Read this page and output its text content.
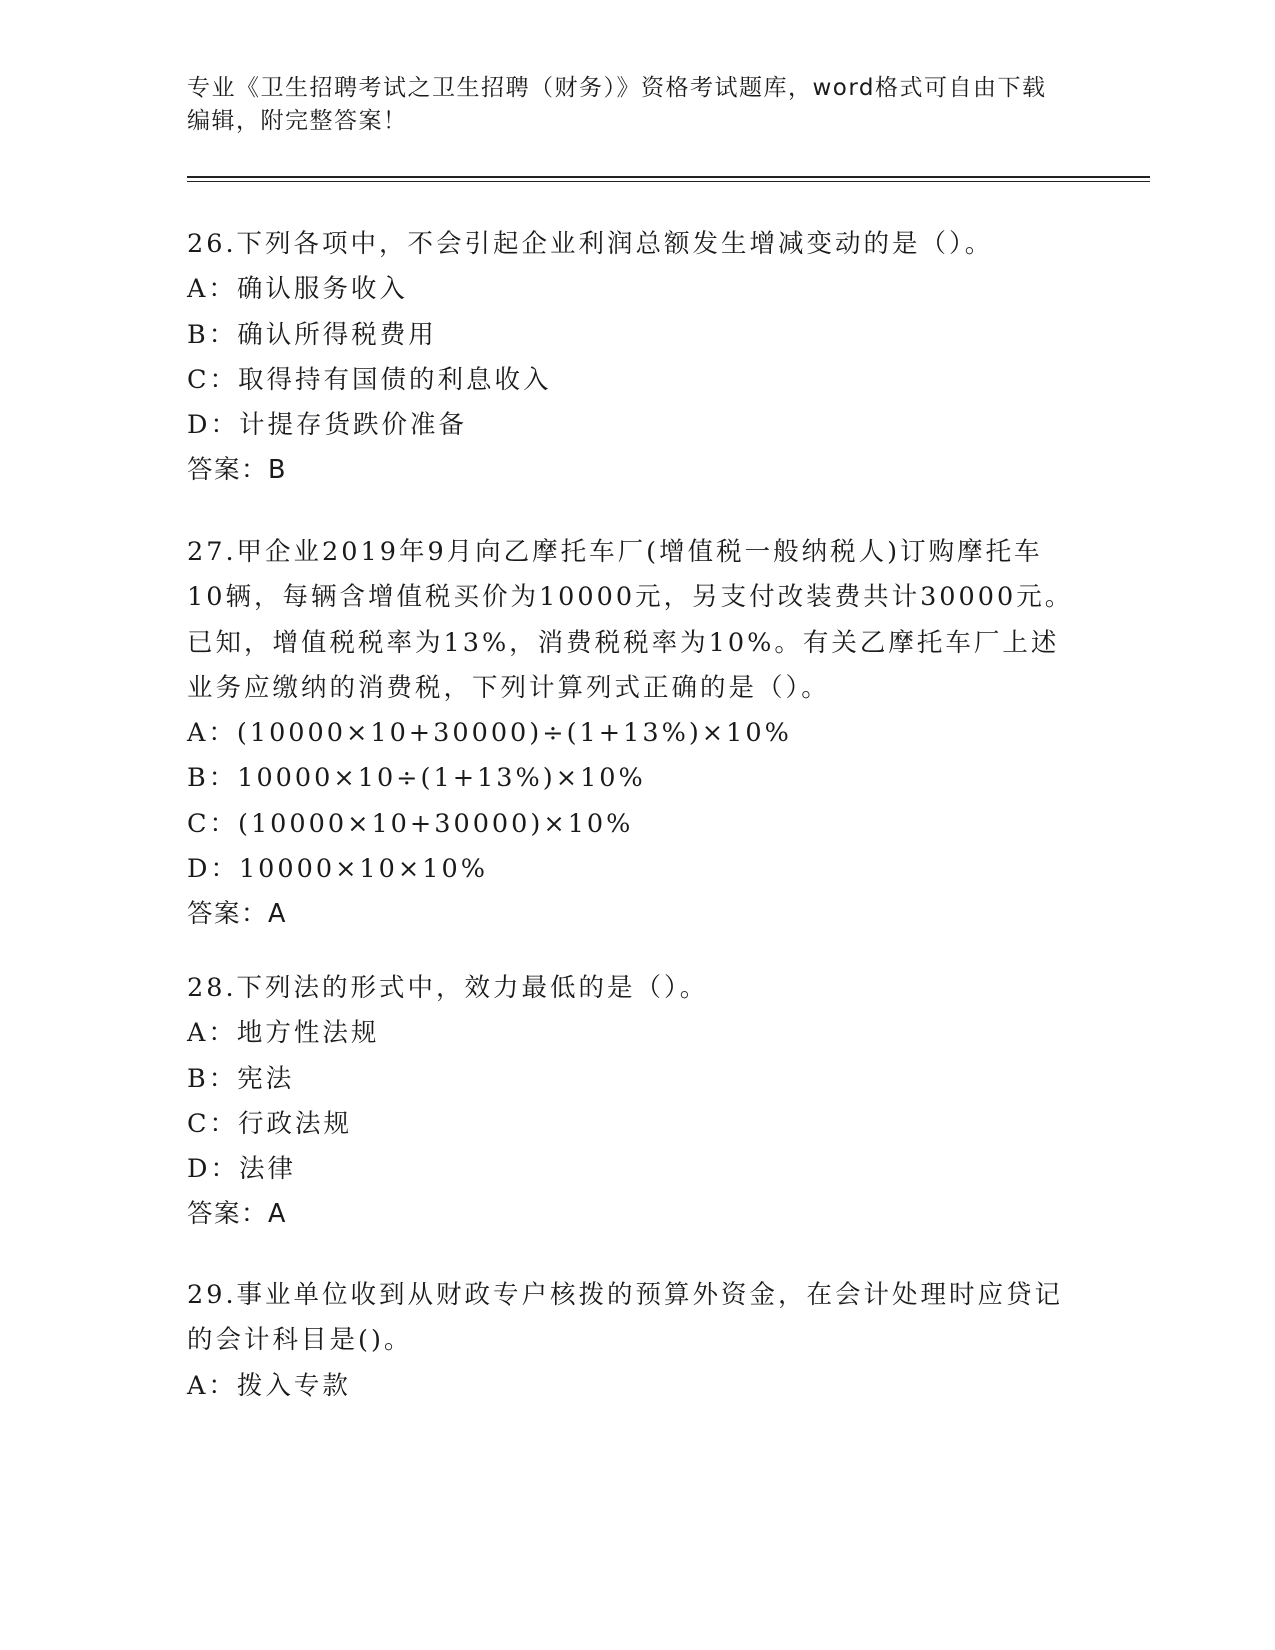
专业《卫生招聘考试之卫生招聘（财务）》资格考试题库，word格式可自由下载
编辑，附完整答案！
26.下列各项中，不会引起企业利润总额发生增减变动的是（）。
A：确认服务收入
B：确认所得税费用
C：取得持有国债的利息收入
D：计提存货跌价准备
答案：B
27.甲企业2019年9月向乙摩托车厂(增值税一般纳税人)订购摩托车
10辆，每辆含增值税买价为10000元，另支付改装费共计30000元。
已知，增值税税率为13%，消费税税率为10%。有关乙摩托车厂上述
业务应缴纳的消费税，下列计算列式正确的是（）。
A：(10000×10+30000)÷(1+13%)×10%
B：10000×10÷(1+13%)×10%
C：(10000×10+30000)×10%
D：10000×10×10%
答案：A
28.下列法的形式中，效力最低的是（）。
A：地方性法规
B：宪法
C：行政法规
D：法律
答案：A
29.事业单位收到从财政专户核拨的预算外资金，在会计处理时应贷记
的会计科目是()。
A：拨入专款
